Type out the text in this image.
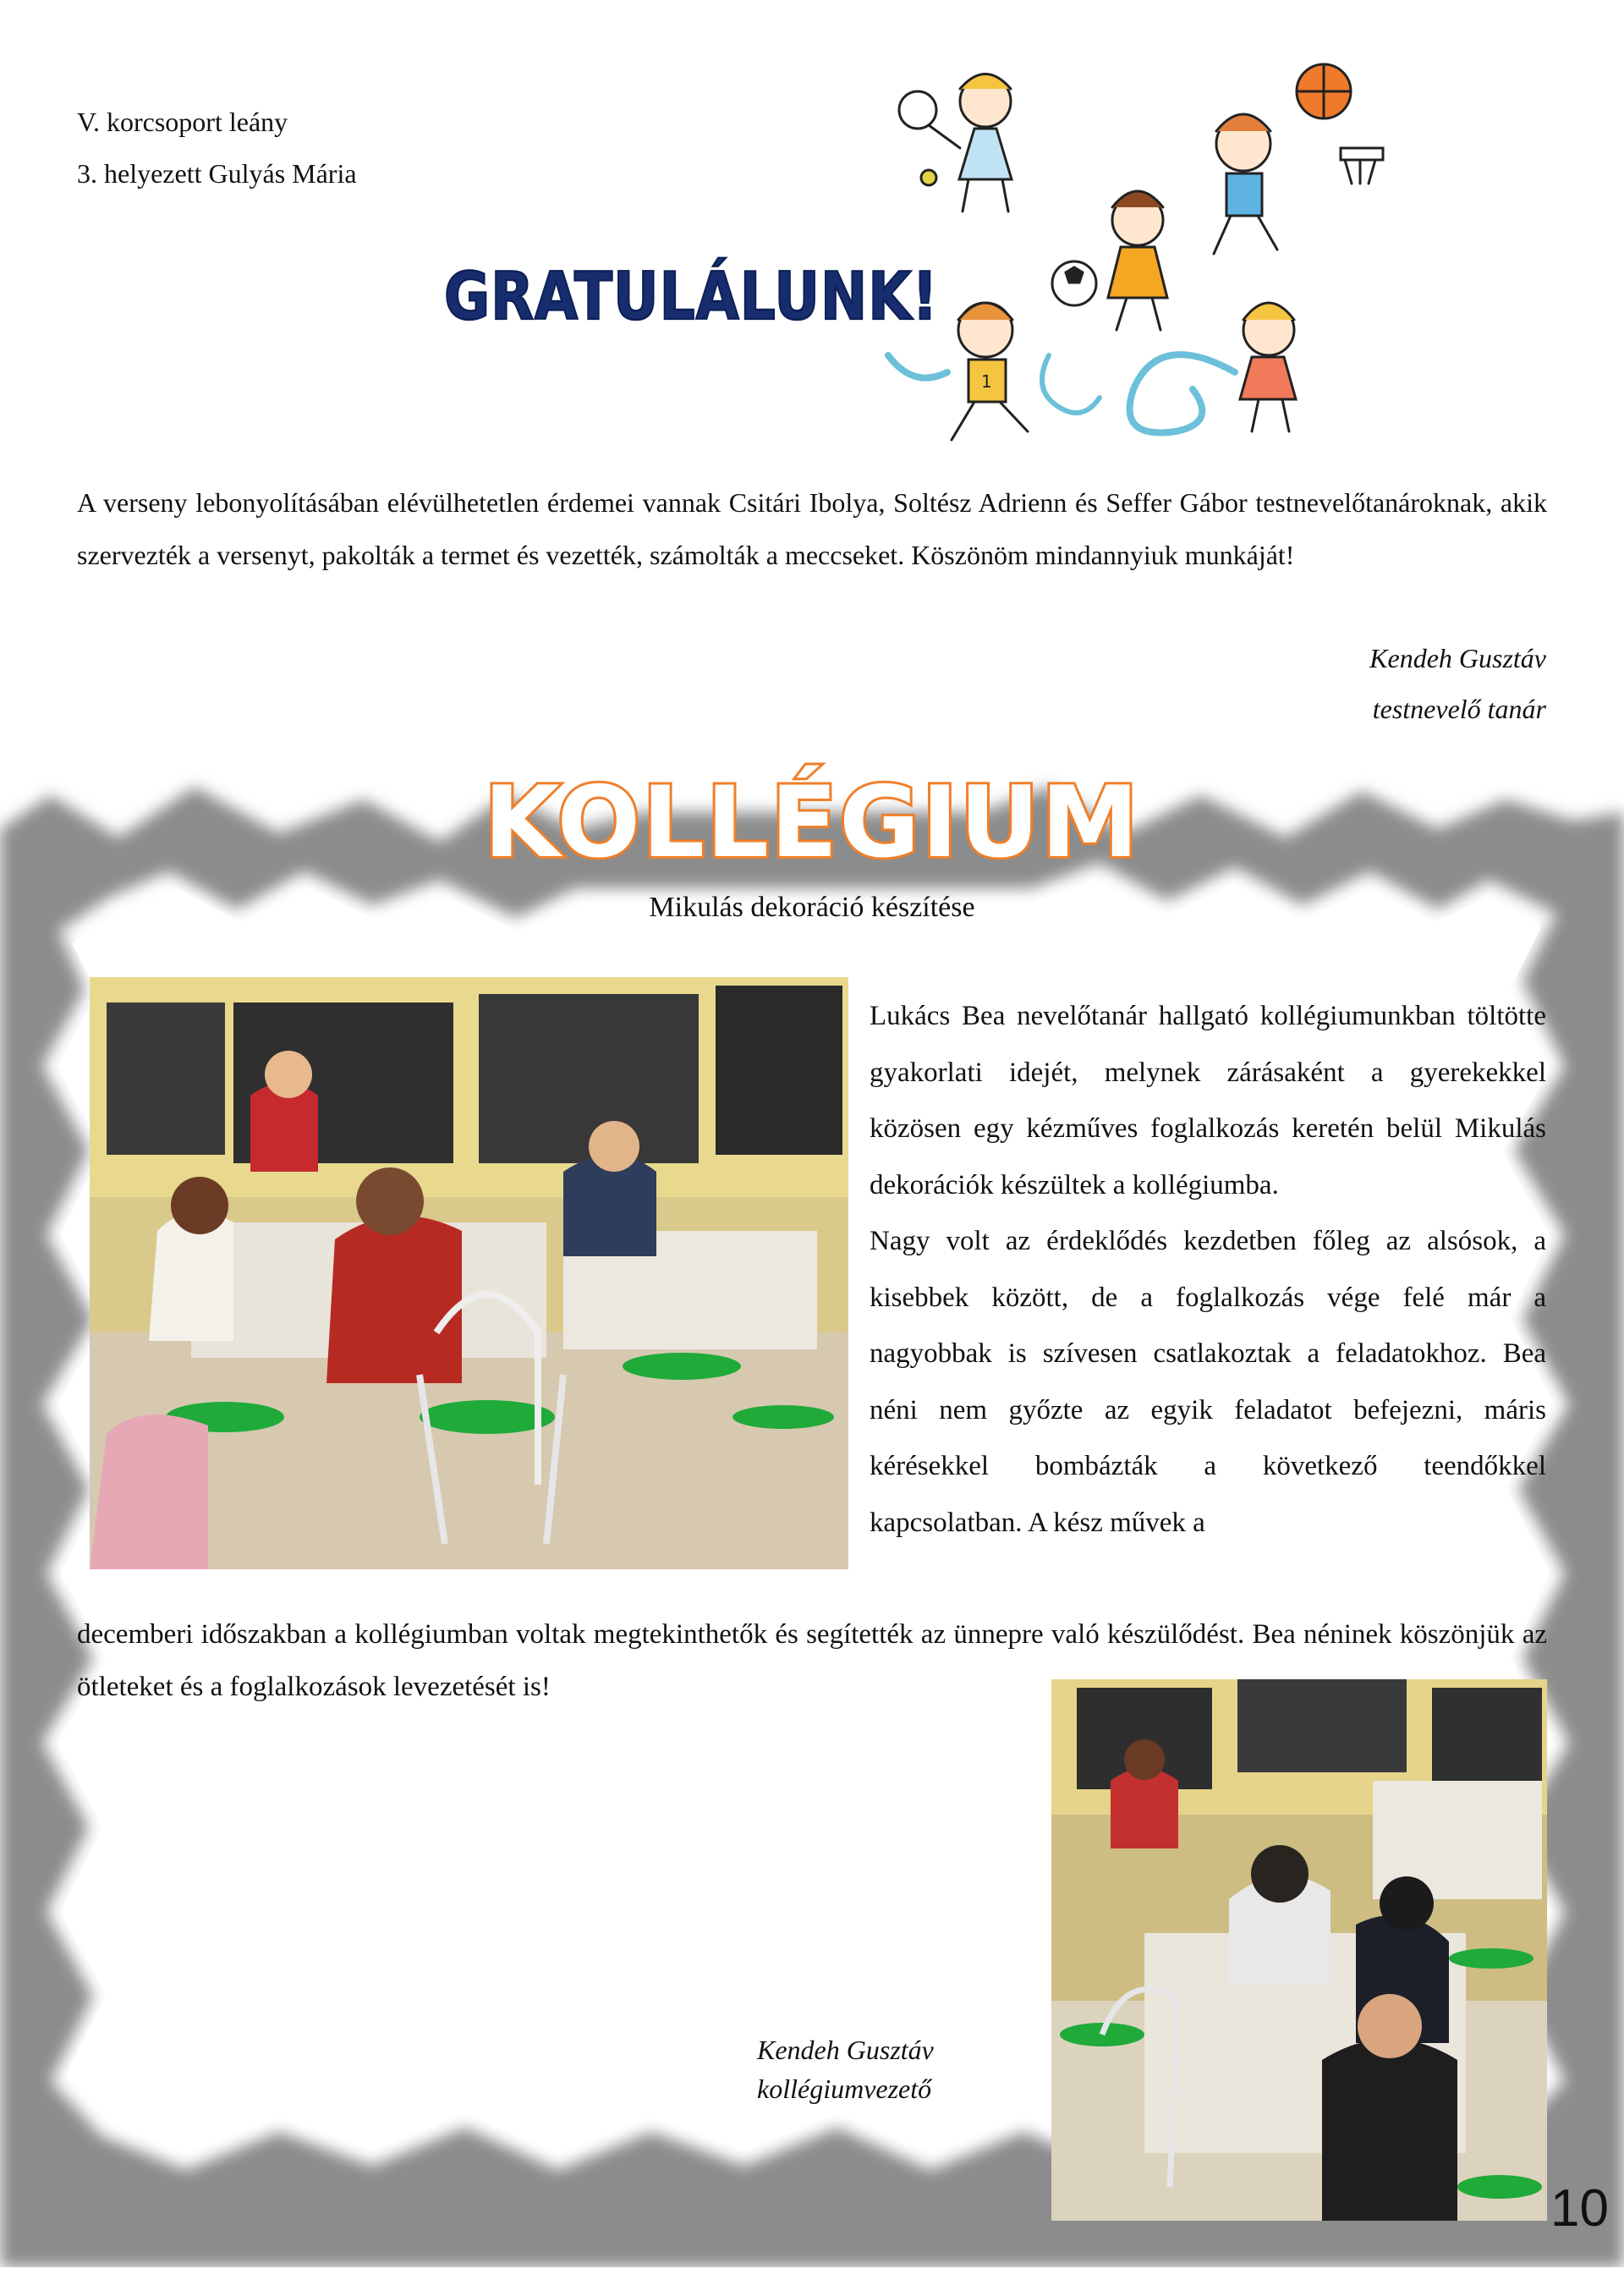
V. korcsoport leány
3. helyezett Gulyás Mária
GRATULÁLUNK!
1
A verseny lebonyolításában elévülhetetlen érdemei vannak Csitári Ibolya, Soltész Adrienn és Seffer Gábor testnevelőtanároknak, akik szervezték a versenyt, pakolták a termet és vezették, számolták a meccseket. Köszönöm mindannyiuk munkáját!
Kendeh Gusztáv
testnevelő tanár
KOLLÉGIUM
Mikulás dekoráció készítése
Lukács Bea nevelőtanár hallgató kollégiumunkban töltötte gyakorlati idejét, melynek zárásaként a gyerekekkel közösen egy kézműves foglalkozás keretén belül Mikulás dekorációk készültek a kollégiumba.
Nagy volt az érdeklődés kezdetben főleg az alsósok, a kisebbek között, de a foglalkozás vége felé már a nagyobbak is szívesen csatlakoztak a feladatokhoz. Bea néni nem győzte az egyik feladatot befejezni, máris kérésekkel bombázták a következő teendőkkel kapcsolatban. A kész művek a
decemberi időszakban a kollégiumban voltak megtekinthetők és segítették az ünnepre való készülődést. Bea néninek köszönjük az ötleteket és a foglalkozások levezetését is!
Kendeh Gusztáv
kollégiumvezető
10
